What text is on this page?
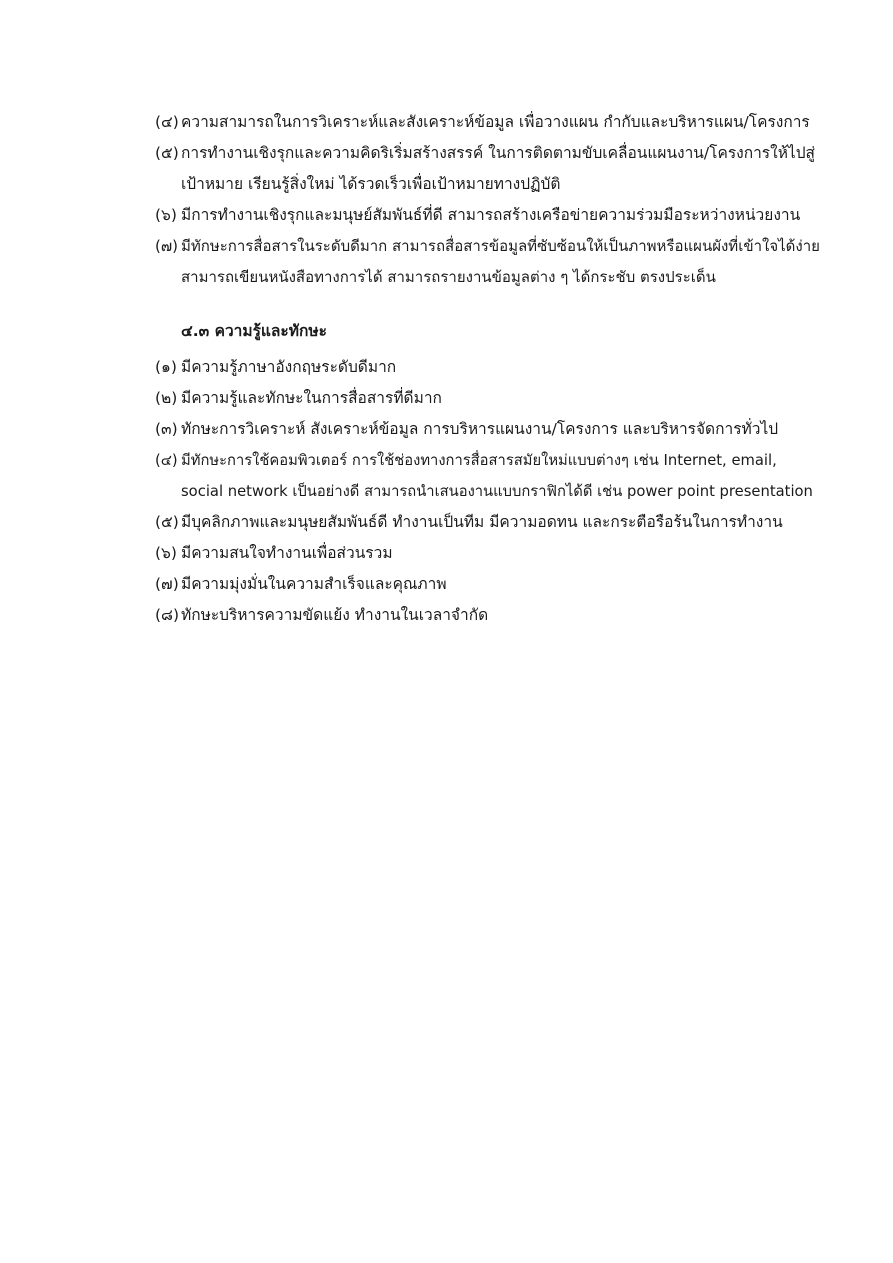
(๔) ความสามารถในการวิเคราะห์และสังเคราะห์ข้อมูล เพื่อวางแผน กำกับและบริหารแผน/โครงการ

(๕) การทำงานเชิงรุกและความคิดริเริ่มสร้างสรรค์ ในการติดตามขับเคลื่อนแผนงาน/โครงการให้ไปสู่
เป้าหมาย เรียนรู้สิ่งใหม่ ได้รวดเร็วเพื่อเป้าหมายทางปฏิบัติ

(๖) มีการทำงานเชิงรุกและมนุษย์สัมพันธ์ที่ดี สามารถสร้างเครือข่ายความร่วมมือระหว่างหน่วยงาน

(๗) มีทักษะการสื่อสารในระดับดีมาก สามารถสื่อสารข้อมูลที่ซับซ้อนให้เป็นภาพหรือแผนผังที่เข้าใจได้ง่าย
สามารถเขียนหนังสือทางการได้ สามารถรายงานข้อมูลต่าง ๆ ได้กระชับ ตรงประเด็น

๔.๓ ความรู้และทักษะ

(๑) มีความรู้ภาษาอังกฤษระดับดีมาก

(๒) มีความรู้และทักษะในการสื่อสารที่ดีมาก

(๓) ทักษะการวิเคราะห์ สังเคราะห์ข้อมูล การบริหารแผนงาน/โครงการ และบริหารจัดการทั่วไป

(๔) มีทักษะการใช้คอมพิวเตอร์ การใช้ช่องทางการสื่อสารสมัยใหม่แบบต่างๆ เช่น Internet, email,
social network เป็นอย่างดี สามารถนำเสนองานแบบกราฟิกได้ดี เช่น power point presentation

(๕) มีบุคลิกภาพและมนุษยสัมพันธ์ดี ทำงานเป็นทีม มีความอดทน และกระตือรือร้นในการทำงาน

(๖) มีความสนใจทำงานเพื่อส่วนรวม

(๗) มีความมุ่งมั่นในความสำเร็จและคุณภาพ

(๘) ทักษะบริหารความขัดแย้ง ทำงานในเวลาจำกัด
